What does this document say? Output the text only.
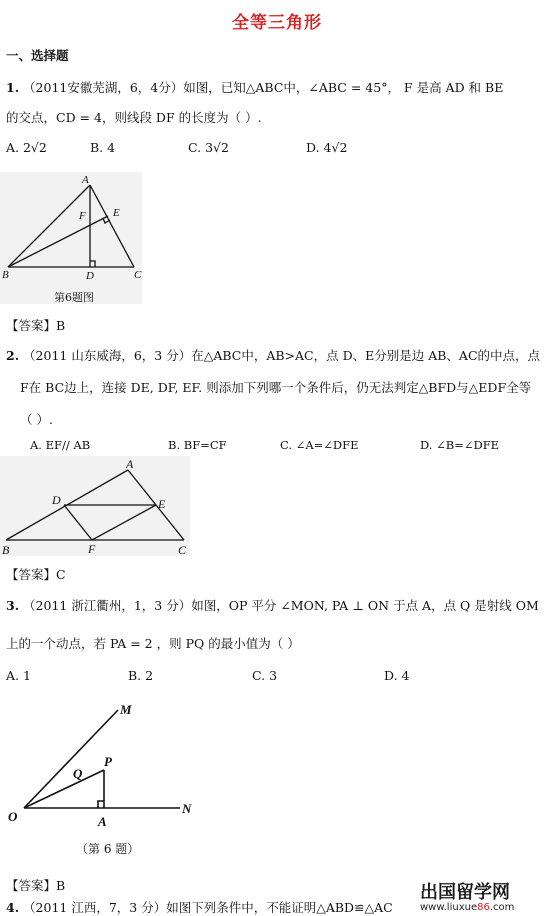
全等三角形
一、选择题
1. （2011安徽芜湖，6，4分）如图，已知△ABC中，∠ABC = 45°， F 是高 AD 和 BE
的交点，CD = 4，则线段 DF 的长度为（ ）.
A. 2√2	B. 4	C. 3√2	D. 4√2
A
B	C
D
E
F
第6题图
【答案】B
2. （2011 山东威海，6，3 分）在△ABC中，AB>AC，点 D、E分别是边 AB、AC的中点，点
F在 BC边上，连接 DE, DF, EF. 则添加下列哪一个条件后，仍无法判定△BFD与△EDF全等
（ ）.
A. EF// AB	B. BF=CF	C. ∠A=∠DFE	D. ∠B=∠DFE
A
B	C
D	E
F
【答案】C
3. （2011 浙江衢州，1，3 分）如图，OP 平分 ∠MON, PA ⊥ ON 于点 A，点 Q 是射线 OM
上的一个动点，若 PA = 2 ，则 PQ 的最小值为（ ）
A. 1	B. 2	C. 3	D. 4
M
N
O
P
Q
A
（第 6 题）
【答案】B
4. （2011 江西，7，3 分）如图下列条件中，不能证明△ABD≌△AC
出国留学网
www.liuxue86.com
